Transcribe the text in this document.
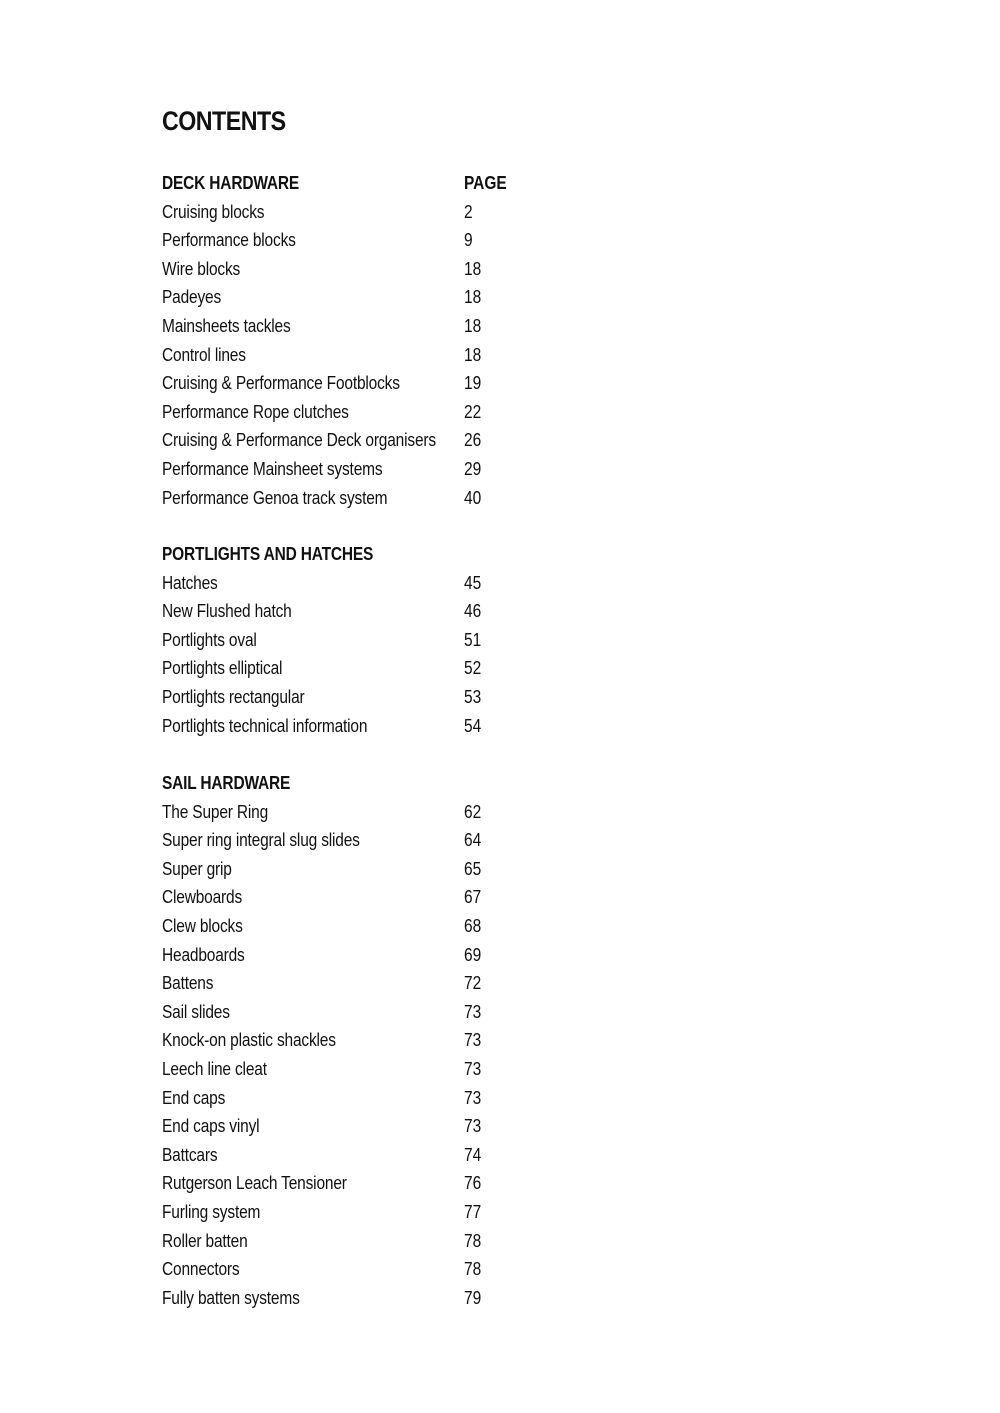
CONTENTS
DECK HARDWARE	PAGE
Cruising blocks	2
Performance blocks	9
Wire blocks	18
Padeyes	18
Mainsheets tackles	18
Control lines	18
Cruising & Performance Footblocks	19
Performance Rope clutches	22
Cruising & Performance Deck organisers 26
Performance Mainsheet systems	29
Performance Genoa track system	40
PORTLIGHTS AND HATCHES
Hatches	45
New Flushed hatch	46
Portlights oval	51
Portlights elliptical	52
Portlights rectangular	53
Portlights technical information	54
SAIL HARDWARE
The Super Ring	62
Super ring integral slug slides	64
Super grip	65
Clewboards	67
Clew blocks	68
Headboards	69
Battens	72
Sail slides	73
Knock-on plastic shackles	73
Leech line cleat	73
End caps	73
End caps vinyl	73
Battcars	74
Rutgerson Leach Tensioner	76
Furling system	77
Roller batten	78
Connectors	78
Fully batten systems	79
